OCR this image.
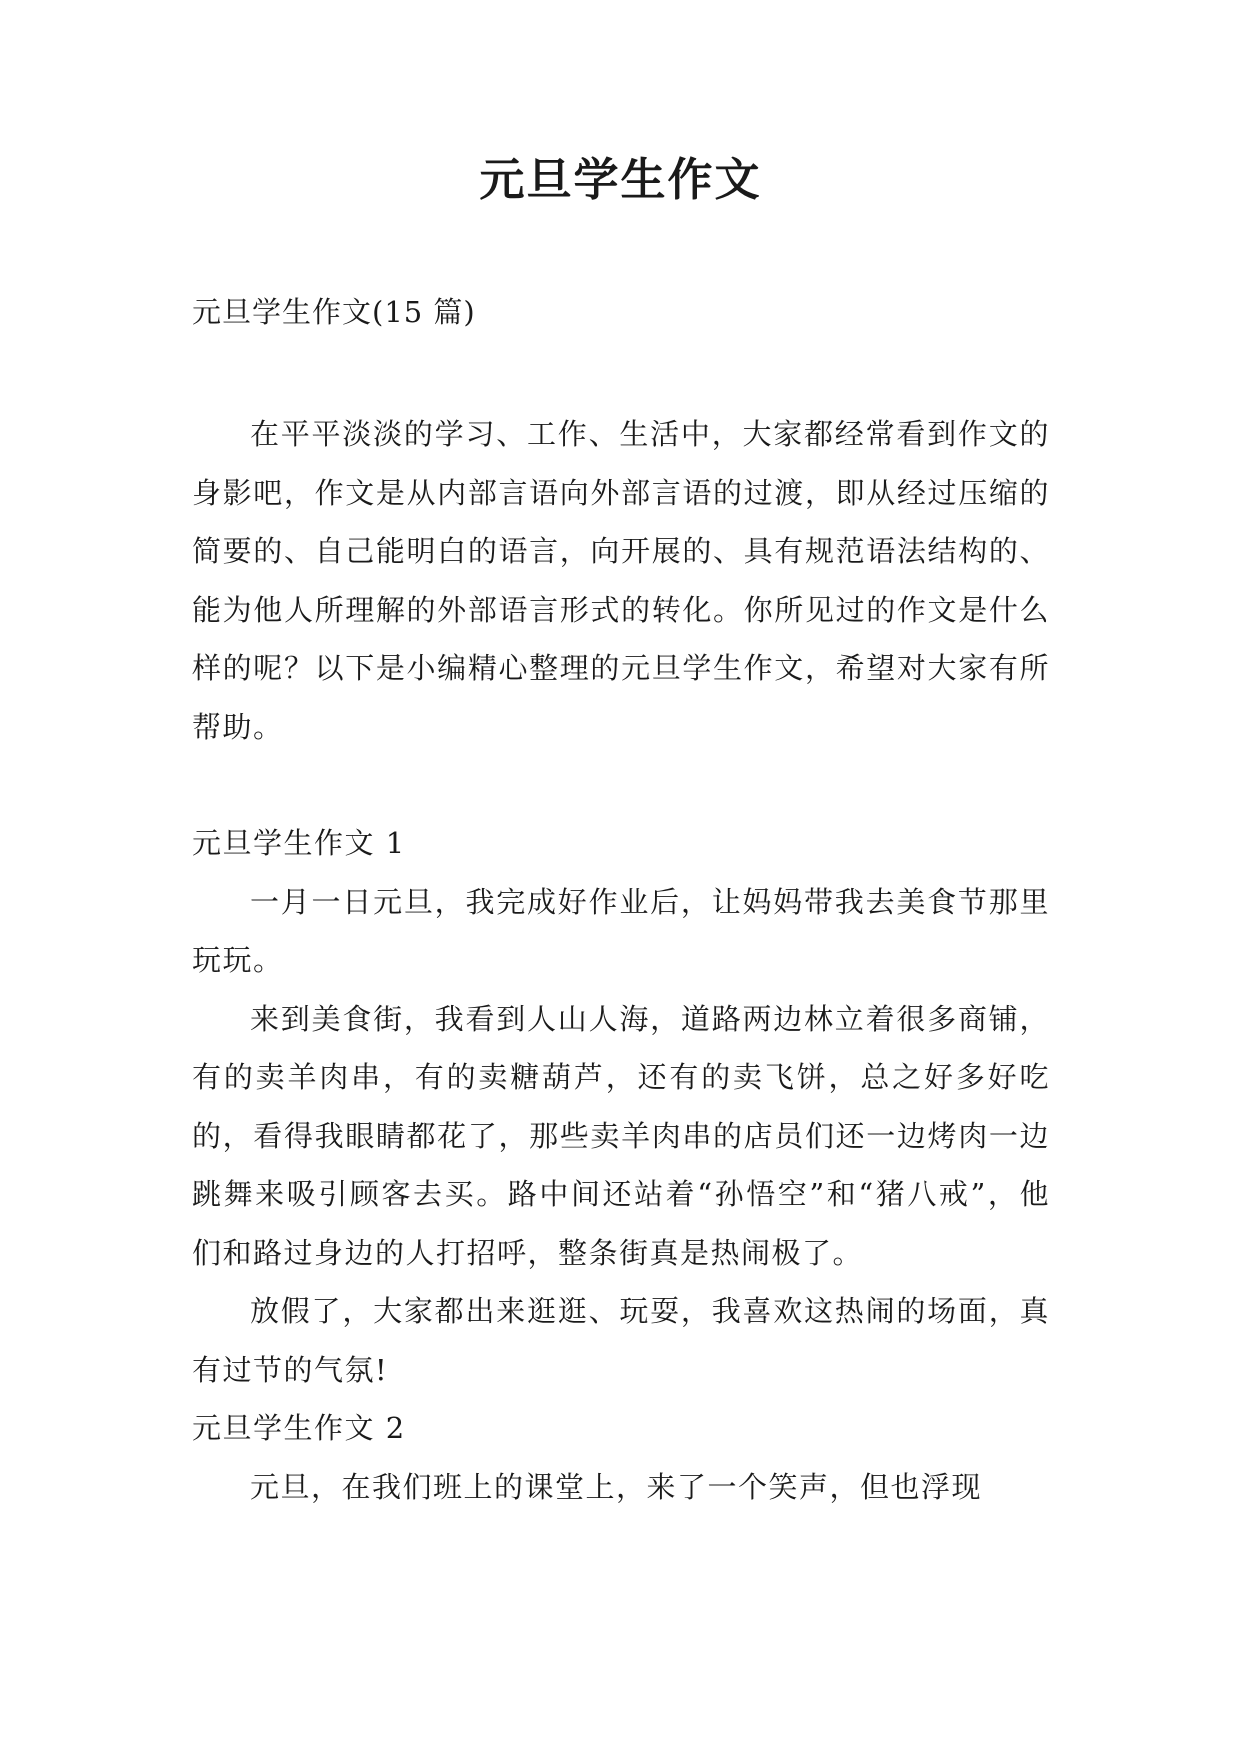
元旦学生作文
元旦学生作文(15 篇)

在平平淡淡的学习、工作、生活中，大家都经常看到作文的身影吧，作文是从内部言语向外部言语的过渡，即从经过压缩的简要的、自己能明白的语言，向开展的、具有规范语法结构的、能为他人所理解的外部语言形式的转化。你所见过的作文是什么样的呢？以下是小编精心整理的元旦学生作文，希望对大家有所帮助。

元旦学生作文 1

一月一日元旦，我完成好作业后，让妈妈带我去美食节那里玩玩。

来到美食街，我看到人山人海，道路两边林立着很多商铺，有的卖羊肉串，有的卖糖葫芦，还有的卖飞饼，总之好多好吃的，看得我眼睛都花了，那些卖羊肉串的店员们还一边烤肉一边跳舞来吸引顾客去买。路中间还站着“孙悟空”和“猪八戒”，他们和路过身边的人打招呼，整条街真是热闹极了。

放假了，大家都出来逛逛、玩耍，我喜欢这热闹的场面，真有过节的气氛!

元旦学生作文 2

元旦，在我们班上的课堂上，来了一个笑声，但也浮现
